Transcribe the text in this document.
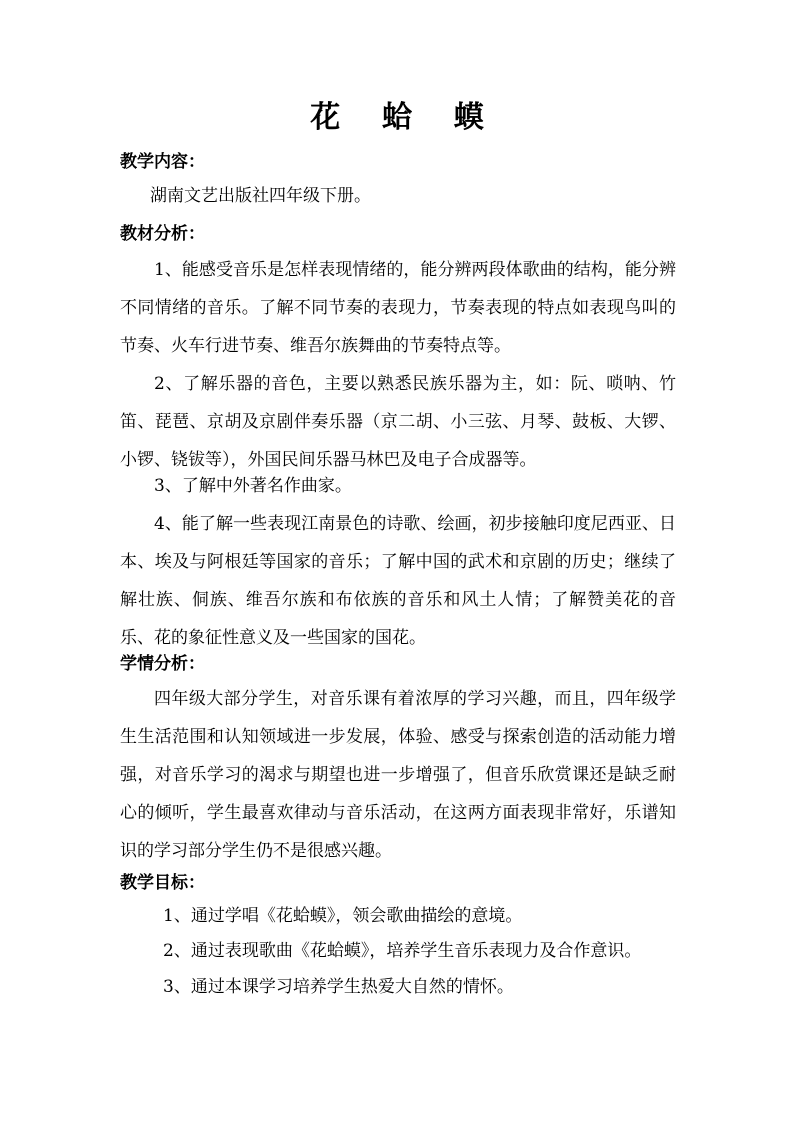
花    蛤    蟆
教学内容：
湖南文艺出版社四年级下册。
教材分析：
1、能感受音乐是怎样表现情绪的，能分辨两段体歌曲的结构，能分辨不同情绪的音乐。了解不同节奏的表现力，节奏表现的特点如表现鸟叫的节奏、火车行进节奏、维吾尔族舞曲的节奏特点等。
2、了解乐器的音色，主要以熟悉民族乐器为主，如：阮、唢呐、竹笛、琵琶、京胡及京剧伴奏乐器（京二胡、小三弦、月琴、鼓板、大锣、小锣、铙钹等），外国民间乐器马林巴及电子合成器等。
3、了解中外著名作曲家。
4、能了解一些表现江南景色的诗歌、绘画，初步接触印度尼西亚、日本、埃及与阿根廷等国家的音乐；了解中国的武术和京剧的历史；继续了解壮族、侗族、维吾尔族和布依族的音乐和风土人情；了解赞美花的音乐、花的象征性意义及一些国家的国花。
学情分析：
四年级大部分学生，对音乐课有着浓厚的学习兴趣，而且，四年级学生生活范围和认知领域进一步发展，体验、感受与探索创造的活动能力增强，对音乐学习的渴求与期望也进一步增强了，但音乐欣赏课还是缺乏耐心的倾听，学生最喜欢律动与音乐活动，在这两方面表现非常好，乐谱知识的学习部分学生仍不是很感兴趣。
教学目标：
1、通过学唱《花蛤蟆》，领会歌曲描绘的意境。
2、通过表现歌曲《花蛤蟆》，培养学生音乐表现力及合作意识。
3、通过本课学习培养学生热爱大自然的情怀。
